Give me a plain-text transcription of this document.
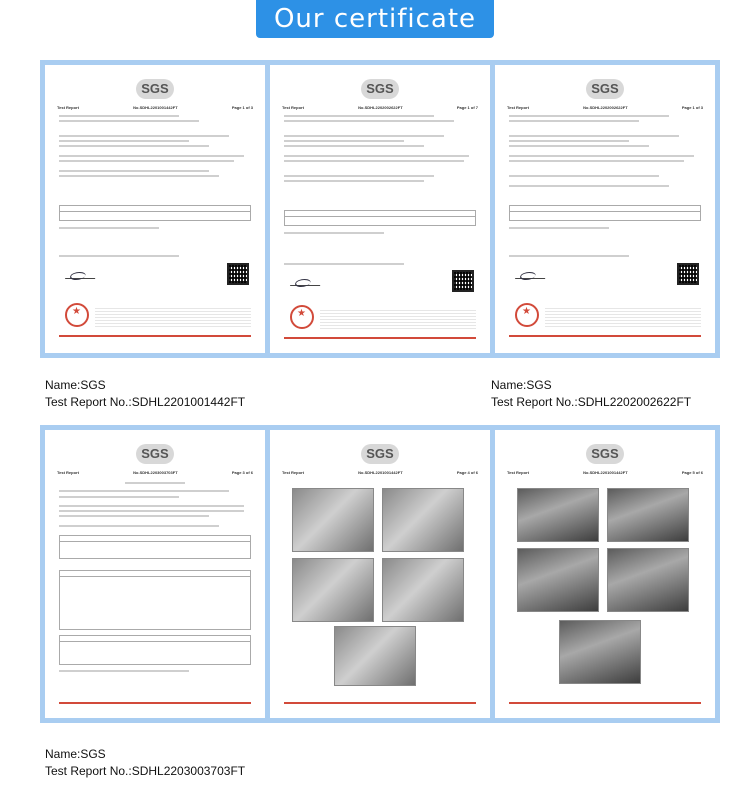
Our certificate
SGS
Test Report	No.SDHL2201001442FT	Page 1 of 3
★
SGS
Test Report	No.SDHL2202002622FT	Page 1 of 7
★
SGS
Test Report	No.SDHL2202002622FT	Page 1 of 3
★
Name:SGS
Test Report No.:SDHL2201001442FT
Name:SGS
Test Report No.:SDHL2202002622FT
SGS
Test Report	No.SDHL2203003703FT	Page 3 of 6
SGS
Test Report	No.SDHL2201001442FT	Page 4 of 6
SGS
Test Report	No.SDHL2201001442FT	Page 5 of 6
Name:SGS
Test Report No.:SDHL2203003703FT
